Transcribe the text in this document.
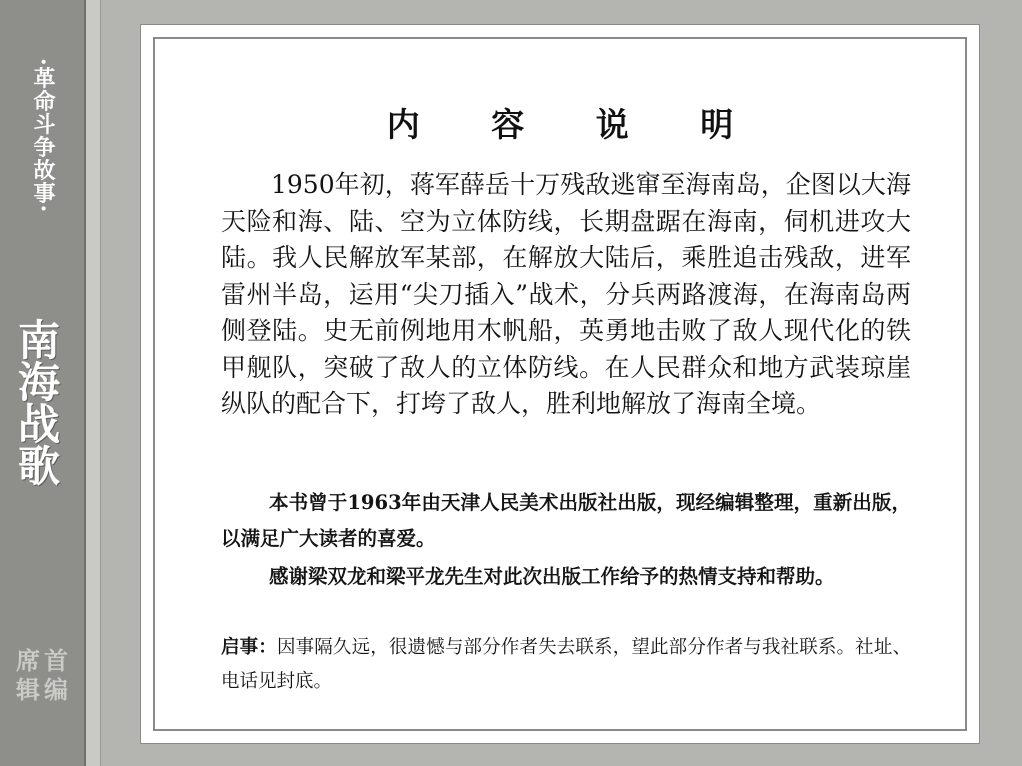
·革命斗争故事·
南海战歌
席 首
辑 编
内 容 说 明
1950年初，蒋军薛岳十万残敌逃窜至海南岛，企图以大海天险和海、陆、空为立体防线，长期盘踞在海南，伺机进攻大陆。我人民解放军某部，在解放大陆后，乘胜追击残敌，进军雷州半岛，运用“尖刀插入”战术，分兵两路渡海，在海南岛两侧登陆。史无前例地用木帆船，英勇地击败了敌人现代化的铁甲舰队，突破了敌人的立体防线。在人民群众和地方武装琼崖纵队的配合下，打垮了敌人，胜利地解放了海南全境。
本书曾于1963年由天津人民美术出版社出版，现经编辑整理，重新出版，以满足广大读者的喜爱。
感谢梁双龙和梁平龙先生对此次出版工作给予的热情支持和帮助。
启事：因事隔久远，很遗憾与部分作者失去联系，望此部分作者与我社联系。社址、电话见封底。
